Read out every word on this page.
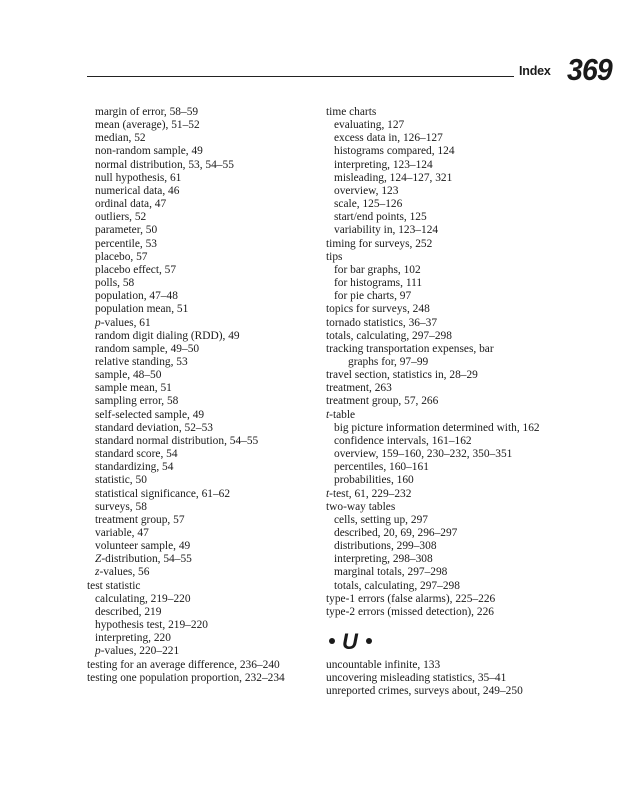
Index 369
margin of error, 58–59
mean (average), 51–52
median, 52
non-random sample, 49
normal distribution, 53, 54–55
null hypothesis, 61
numerical data, 46
ordinal data, 47
outliers, 52
parameter, 50
percentile, 53
placebo, 57
placebo effect, 57
polls, 58
population, 47–48
population mean, 51
p-values, 61
random digit dialing (RDD), 49
random sample, 49–50
relative standing, 53
sample, 48–50
sample mean, 51
sampling error, 58
self-selected sample, 49
standard deviation, 52–53
standard normal distribution, 54–55
standard score, 54
standardizing, 54
statistic, 50
statistical significance, 61–62
surveys, 58
treatment group, 57
variable, 47
volunteer sample, 49
Z-distribution, 54–55
z-values, 56
test statistic
calculating, 219–220
described, 219
hypothesis test, 219–220
interpreting, 220
p-values, 220–221
testing for an average difference, 236–240
testing one population proportion, 232–234
time charts
evaluating, 127
excess data in, 126–127
histograms compared, 124
interpreting, 123–124
misleading, 124–127, 321
overview, 123
scale, 125–126
start/end points, 125
variability in, 123–124
timing for surveys, 252
tips
for bar graphs, 102
for histograms, 111
for pie charts, 97
topics for surveys, 248
tornado statistics, 36–37
totals, calculating, 297–298
tracking transportation expenses, bar
graphs for, 97–99
travel section, statistics in, 28–29
treatment, 263
treatment group, 57, 266
t-table
big picture information determined with, 162
confidence intervals, 161–162
overview, 159–160, 230–232, 350–351
percentiles, 160–161
probabilities, 160
t-test, 61, 229–232
two-way tables
cells, setting up, 297
described, 20, 69, 296–297
distributions, 299–308
interpreting, 298–308
marginal totals, 297–298
totals, calculating, 297–298
type-1 errors (false alarms), 225–226
type-2 errors (missed detection), 226
U
uncountable infinite, 133
uncovering misleading statistics, 35–41
unreported crimes, surveys about, 249–250
